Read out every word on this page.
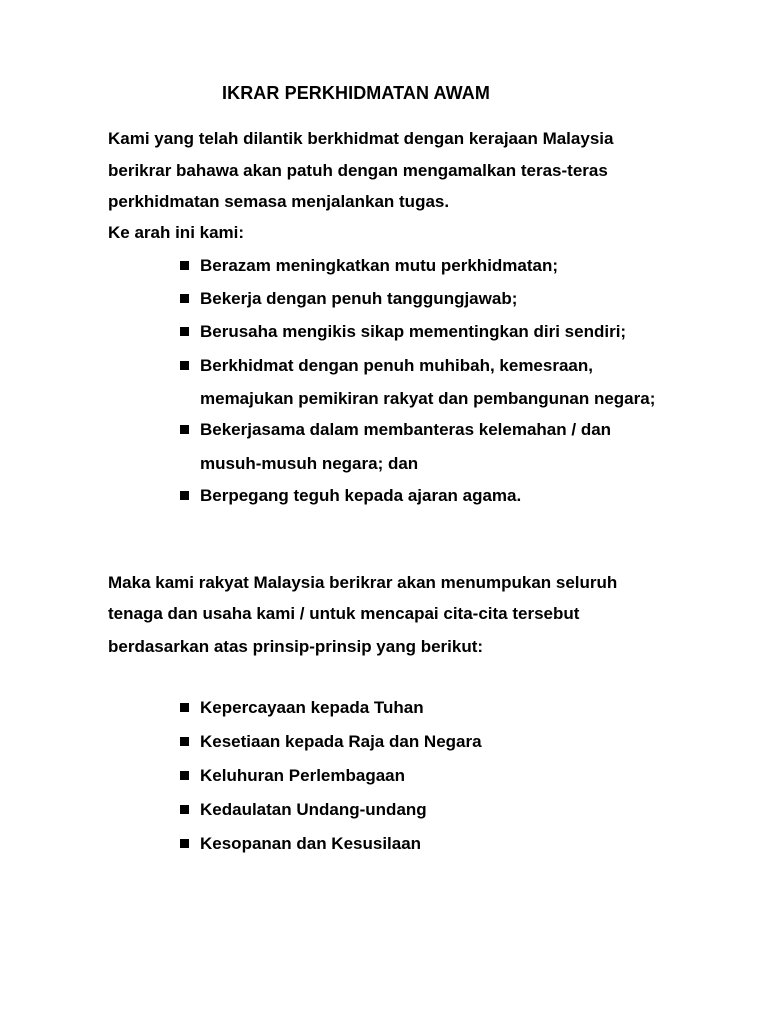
IKRAR PERKHIDMATAN AWAM
Kami yang telah dilantik berkhidmat dengan kerajaan Malaysia
berikrar bahawa akan patuh dengan mengamalkan teras-teras
perkhidmatan semasa menjalankan tugas.
Ke arah ini kami:
Berazam meningkatkan mutu perkhidmatan;
Bekerja dengan penuh tanggungjawab;
Berusaha mengikis sikap mementingkan diri sendiri;
Berkhidmat dengan penuh muhibah, kemesraan,
memajukan pemikiran rakyat dan pembangunan negara;
Bekerjasama dalam membanteras kelemahan / dan
musuh-musuh negara; dan
Berpegang teguh kepada ajaran agama.
Maka kami rakyat Malaysia berikrar akan menumpukan seluruh
tenaga dan usaha kami / untuk mencapai cita-cita tersebut
berdasarkan atas prinsip-prinsip yang berikut:
Kepercayaan kepada Tuhan
Kesetiaan kepada Raja dan Negara
Keluhuran Perlembagaan
Kedaulatan Undang-undang
Kesopanan dan Kesusilaan
